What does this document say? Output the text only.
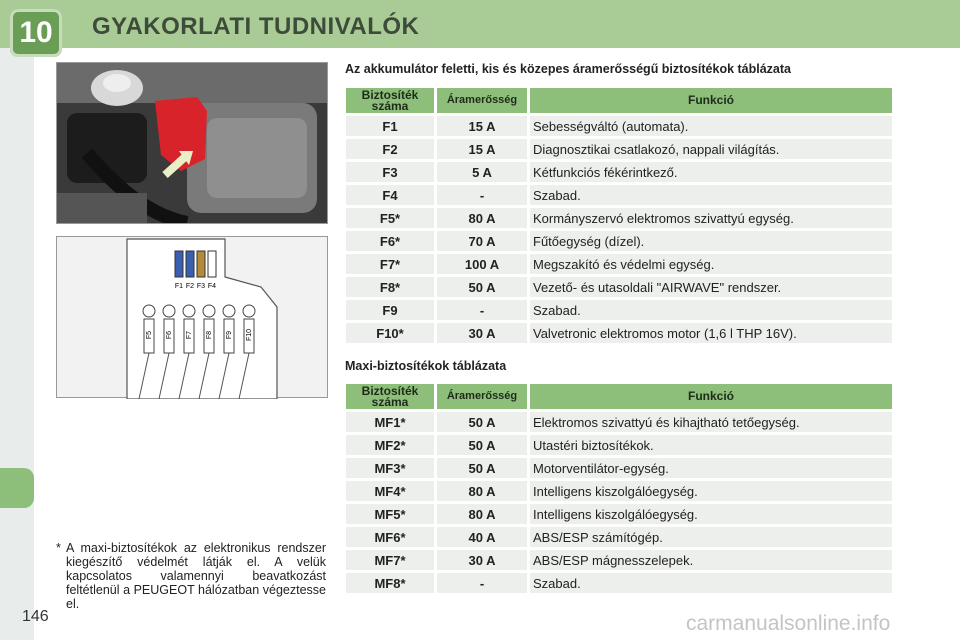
10	GYAKORLATI TUDNIVALÓK
F1 F2 F3 F4
F5 F6 F7 F8 F9 F10
Az akkumulátor feletti, kis és közepes áramerősségű biztosítékok táblázata
Biztosíték száma	Áramerősség	Funkció
F1	15 A	Sebességváltó (automata).
F2	15 A	Diagnosztikai csatlakozó, nappali világítás.
F3	5 A	Kétfunkciós fékérintkező.
F4	-	Szabad.
F5*	80 A	Kormányszervó elektromos szivattyú egység.
F6*	70 A	Fűtőegység (dízel).
F7*	100 A	Megszakító és védelmi egység.
F8*	50 A	Vezető- és utasoldali "AIRWAVE" rendszer.
F9	-	Szabad.
F10*	30 A	Valvetronic elektromos motor (1,6 l THP 16V).
Maxi-biztosítékok táblázata
Biztosíték száma	Áramerősség	Funkció
MF1*	50 A	Elektromos szivattyú és kihajtható tetőegység.
MF2*	50 A	Utastéri biztosítékok.
MF3*	50 A	Motorventilátor-egység.
MF4*	80 A	Intelligens kiszolgálóegység.
MF5*	80 A	Intelligens kiszolgálóegység.
MF6*	40 A	ABS/ESP számítógép.
MF7*	30 A	ABS/ESP mágnesszelepek.
MF8*	-	Szabad.
* A maxi-biztosítékok az elektronikus rendszer kiegészítő védelmét látják el. A velük kapcsolatos valamennyi beavatkozást feltétlenül a PEUGEOT hálózatban végeztesse el.
146	carmanualsonline.info
